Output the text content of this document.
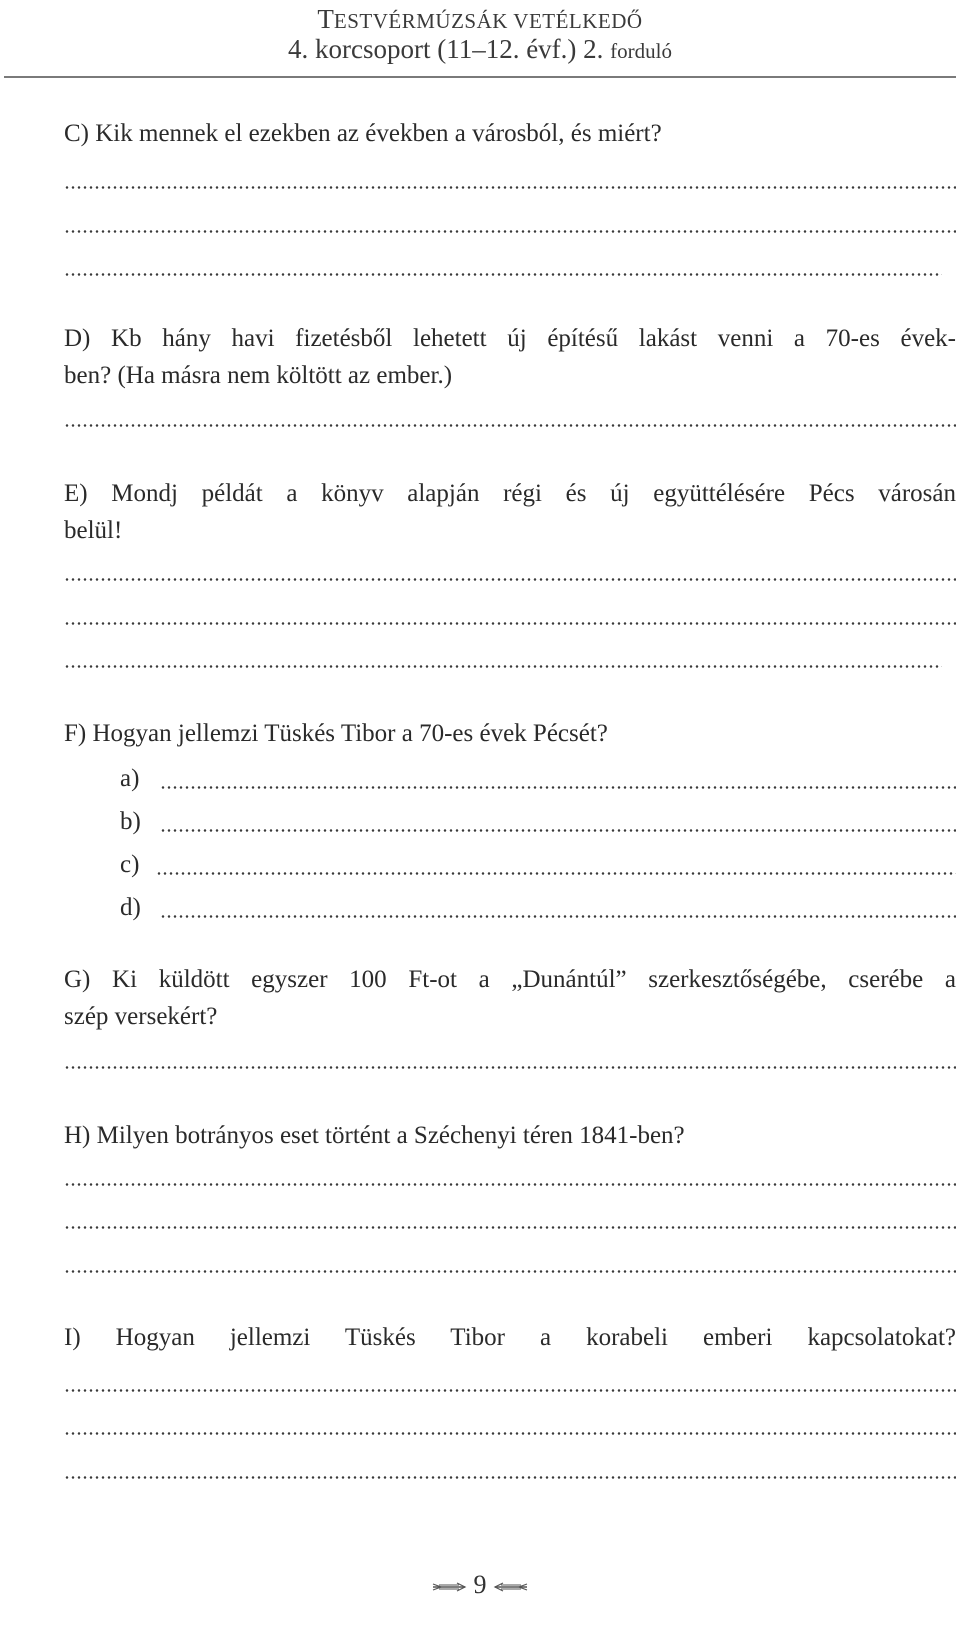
TESTVÉRMÚZSÁK VETÉLKEDŐ
4. korcsoport (11–12. évf.) 2. forduló
C) Kik mennek el ezekben az években a városból, és miért?
D) Kb hány havi fizetésből lehetett új építésű lakást venni a 70-es évek-
ben? (Ha másra nem költött az ember.)
E) Mondj példát a könyv alapján régi és új együttélésére Pécs városán
belül!
F) Hogyan jellemzi Tüskés Tibor a 70-es évek Pécsét?
a)
b)
c)
d)
G) Ki küldött egyszer 100 Ft-ot a „Dunántúl” szerkesztőségébe, cserébe a
szép versekért?
H) Milyen botrányos eset történt a Széchenyi téren 1841-ben?
I) Hogyan jellemzi Tüskés Tibor a korabeli emberi kapcsolatokat?
9
